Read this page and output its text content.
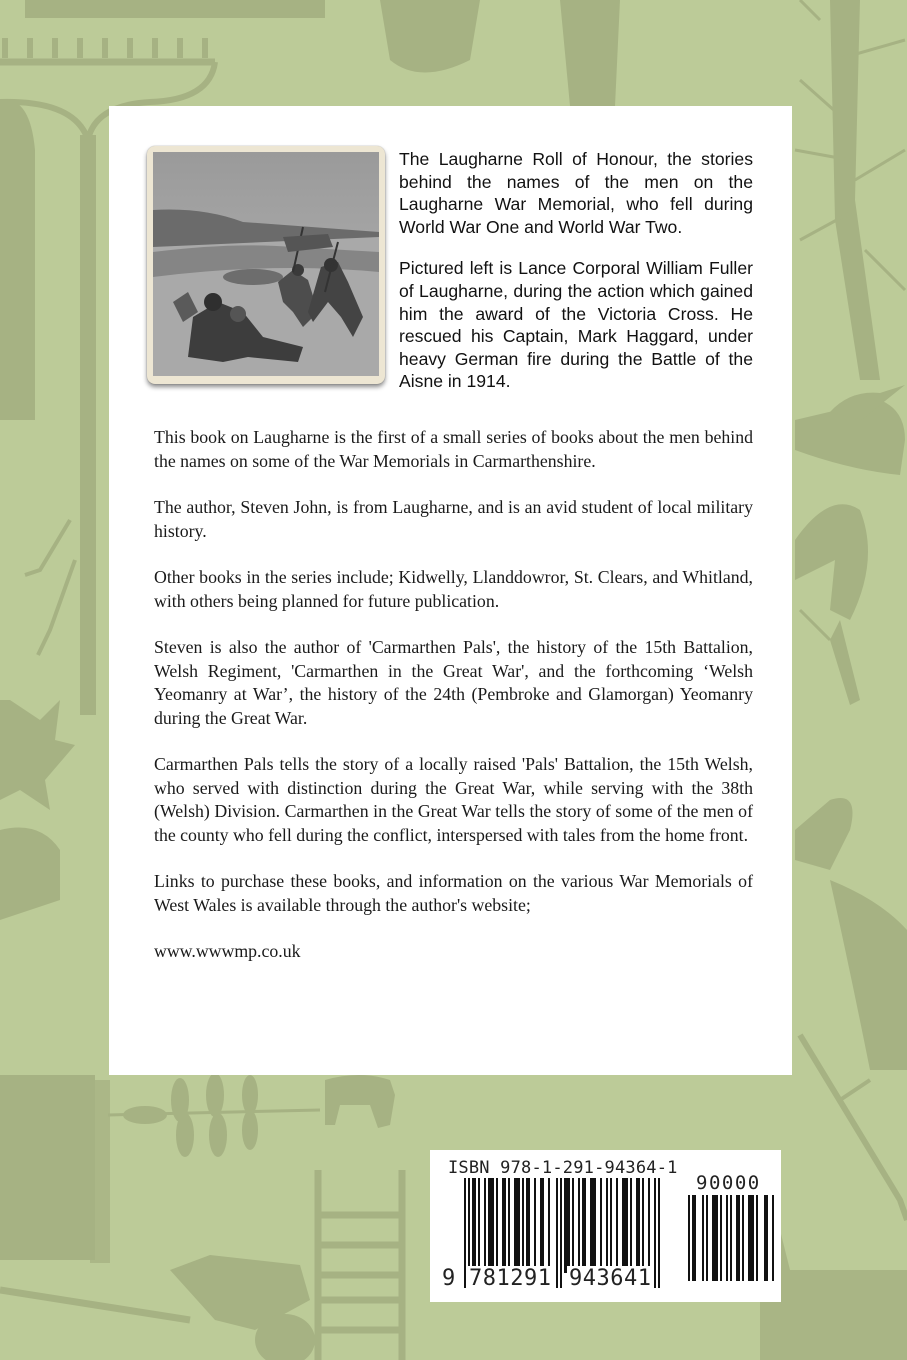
The Laugharne Roll of Honour, the stories behind the names of the men on the Laugharne War Memorial, who fell during World War One and World War Two.

Pictured left is Lance Corporal William Fuller of Laugharne, during the action which gained him the award of the Victoria Cross. He rescued his Captain, Mark Haggard, under heavy German fire during the Battle of the Aisne in 1914.

This book on Laugharne is the first of a small series of books about the men behind the names on some of the War Memorials in Carmarthenshire.

The author, Steven John, is from Laugharne, and is an avid student of local military history.

Other books in the series include; Kidwelly, Llanddowror, St. Clears, and Whitland, with others being planned for future publication.

Steven is also the author of 'Carmarthen Pals', the history of the 15th Battalion, Welsh Regiment, 'Carmarthen in the Great War', and the forthcoming ‘Welsh Yeomanry at War’, the history of the 24th (Pembroke and Glamorgan) Yeomanry during the Great War.

Carmarthen Pals tells the story of a locally raised 'Pals' Battalion, the 15th Welsh, who served with distinction during the Great War, while serving with the 38th (Welsh) Division. Carmarthen in the Great War tells the story of some of the men of the county who fell during the conflict, interspersed with tales from the home front.

Links to purchase these books, and information on the various War Memorials of West Wales is available through the author's website;

www.wwwmp.co.uk

ISBN 978-1-291-94364-1
90000
9 781291 943641
